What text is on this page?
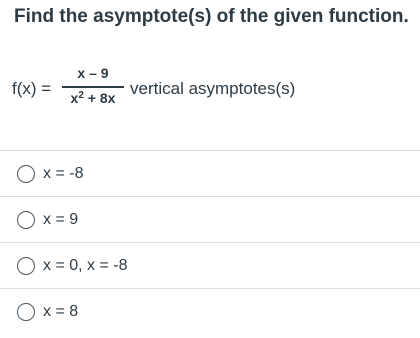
Find the asymptote(s) of the given function.
f(x) =
x – 9
$x^2 + 8x$ vertical asymptotes(s)
x = -8
x = 9
x = 0, x = -8
x = 8
